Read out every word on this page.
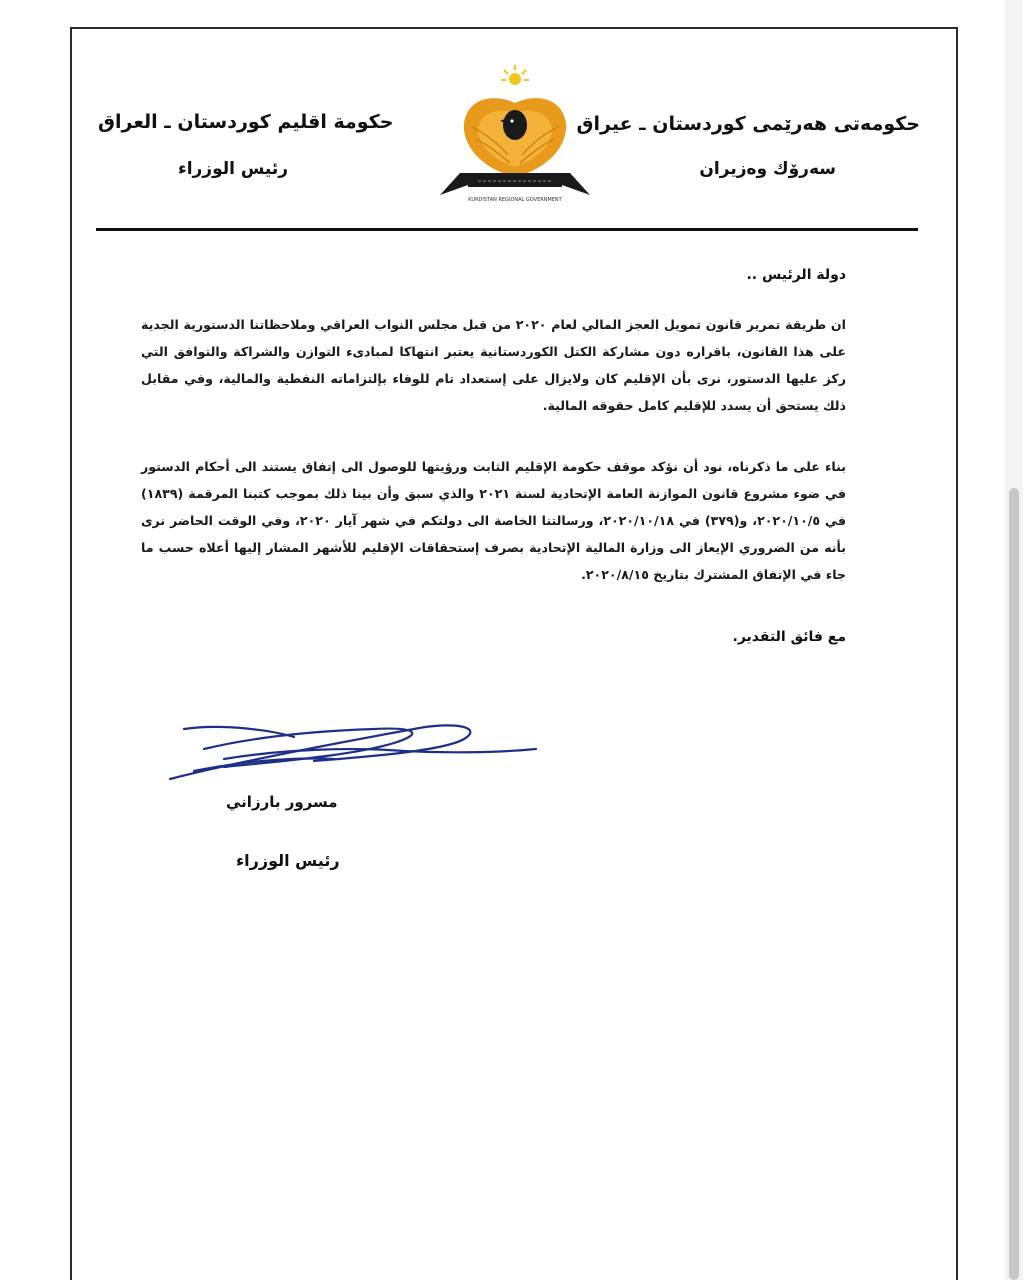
حکومەتی هەرێمی کوردستان ـ عیراق
سەرۆك وەزیران
حكومة اقليم كوردستان ـ العراق
رئيس الوزراء
KURDISTAN REGIONAL GOVERNMENT
دولة الرئيس ..
ان طريقة تمرير قانون تمويل العجز المالي لعام ٢٠٢٠ من قبل مجلس النواب العراقي وملاحظاتنا الدستورية الجدية على هذا القانون، باقراره دون مشاركة الكتل الكوردستانية يعتبر انتهاكا لمبادىء التوازن والشراكة والتوافق التي ركز عليها الدستور، نرى بأن الإقليم كان ولايزال على إستعداد تام للوفاء بإلتزاماته النفطية والمالية، وفي مقابل ذلك يستحق أن يسدد للإقليم كامل حقوقه المالية.
بناء على ما ذكرناه، نود أن نؤكد موقف حكومة الإقليم الثابت ورؤيتها للوصول الى إتفاق يستند الى أحكام الدستور في ضوء مشروع قانون الموازنة العامة الإتحادية لسنة ٢٠٢١ والذي سبق وأن بينا ذلك بموجب كتبنا المرقمة (١٨٣٩) في ٢٠٢٠/١٠/٥، و(٣٧٩) في ٢٠٢٠/١٠/١٨، ورسالتنا الخاصة الى دولتكم في شهر آيار ٢٠٢٠، وفي الوقت الحاضر نرى بأنه من الضروري الإيعاز الى وزارة المالية الإتحادية بصرف إستحقاقات الإقليم للأشهر المشار إليها أعلاه حسب ما جاء في الإتفاق المشترك بتاريخ ٢٠٢٠/٨/١٥.
مع فائق التقدير.
مسرور بارزاني
رئيس الوزراء
